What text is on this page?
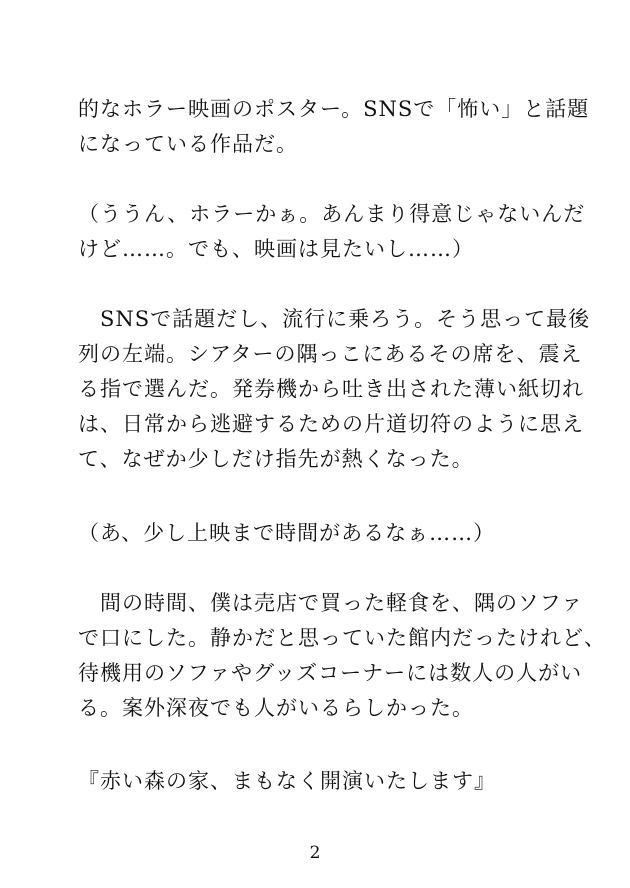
的なホラー映画のポスター。SNSで「怖い」と話題
になっている作品だ。
（ううん、ホラーかぁ。あんまり得意じゃないんだ
けど……。でも、映画は見たいし……）
　SNSで話題だし、流行に乗ろう。そう思って最後
列の左端。シアターの隅っこにあるその席を、震え
る指で選んだ。発券機から吐き出された薄い紙切れ
は、日常から逃避するための片道切符のように思え
て、なぜか少しだけ指先が熱くなった。
（あ、少し上映まで時間があるなぁ……）
　間の時間、僕は売店で買った軽食を、隅のソファ
で口にした。静かだと思っていた館内だったけれど、
待機用のソファやグッズコーナーには数人の人がい
る。案外深夜でも人がいるらしかった。
『赤い森の家、まもなく開演いたします』
2
